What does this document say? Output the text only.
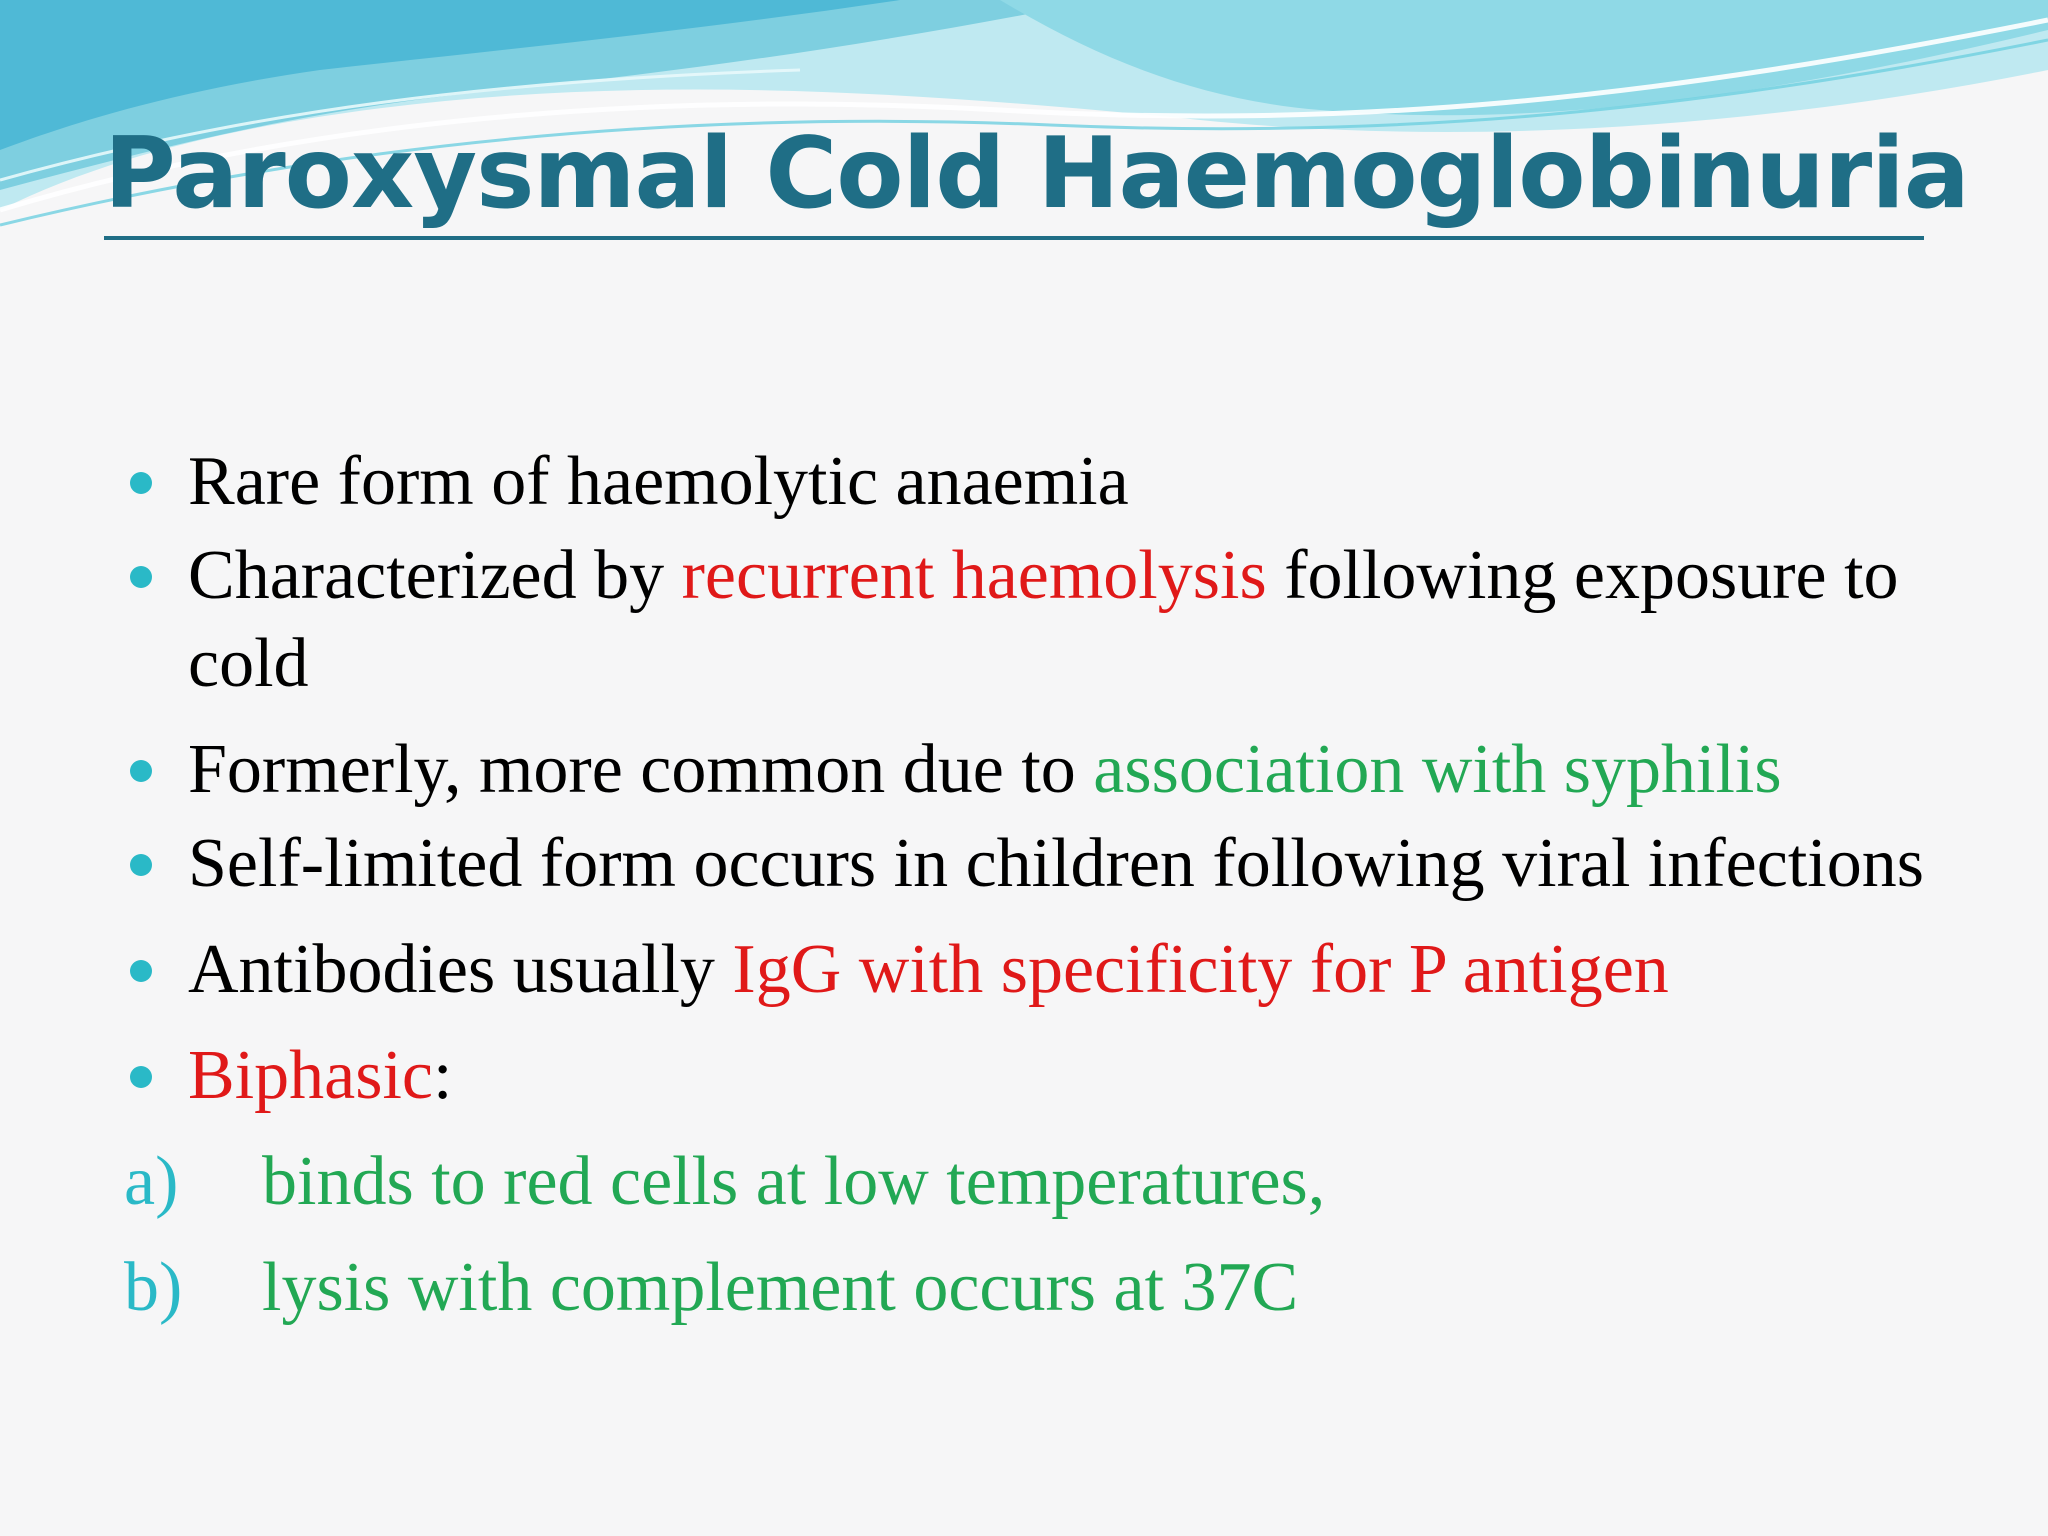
Paroxysmal Cold Haemoglobinuria
Rare form of haemolytic anaemia
Characterized by recurrent haemolysis following exposure to cold
Formerly, more common due to association with syphilis
Self-limited form occurs in children following viral infections
Antibodies usually IgG with specificity for P antigen
Biphasic:
a) binds to red cells at low temperatures,
b) lysis with complement occurs at 37C
